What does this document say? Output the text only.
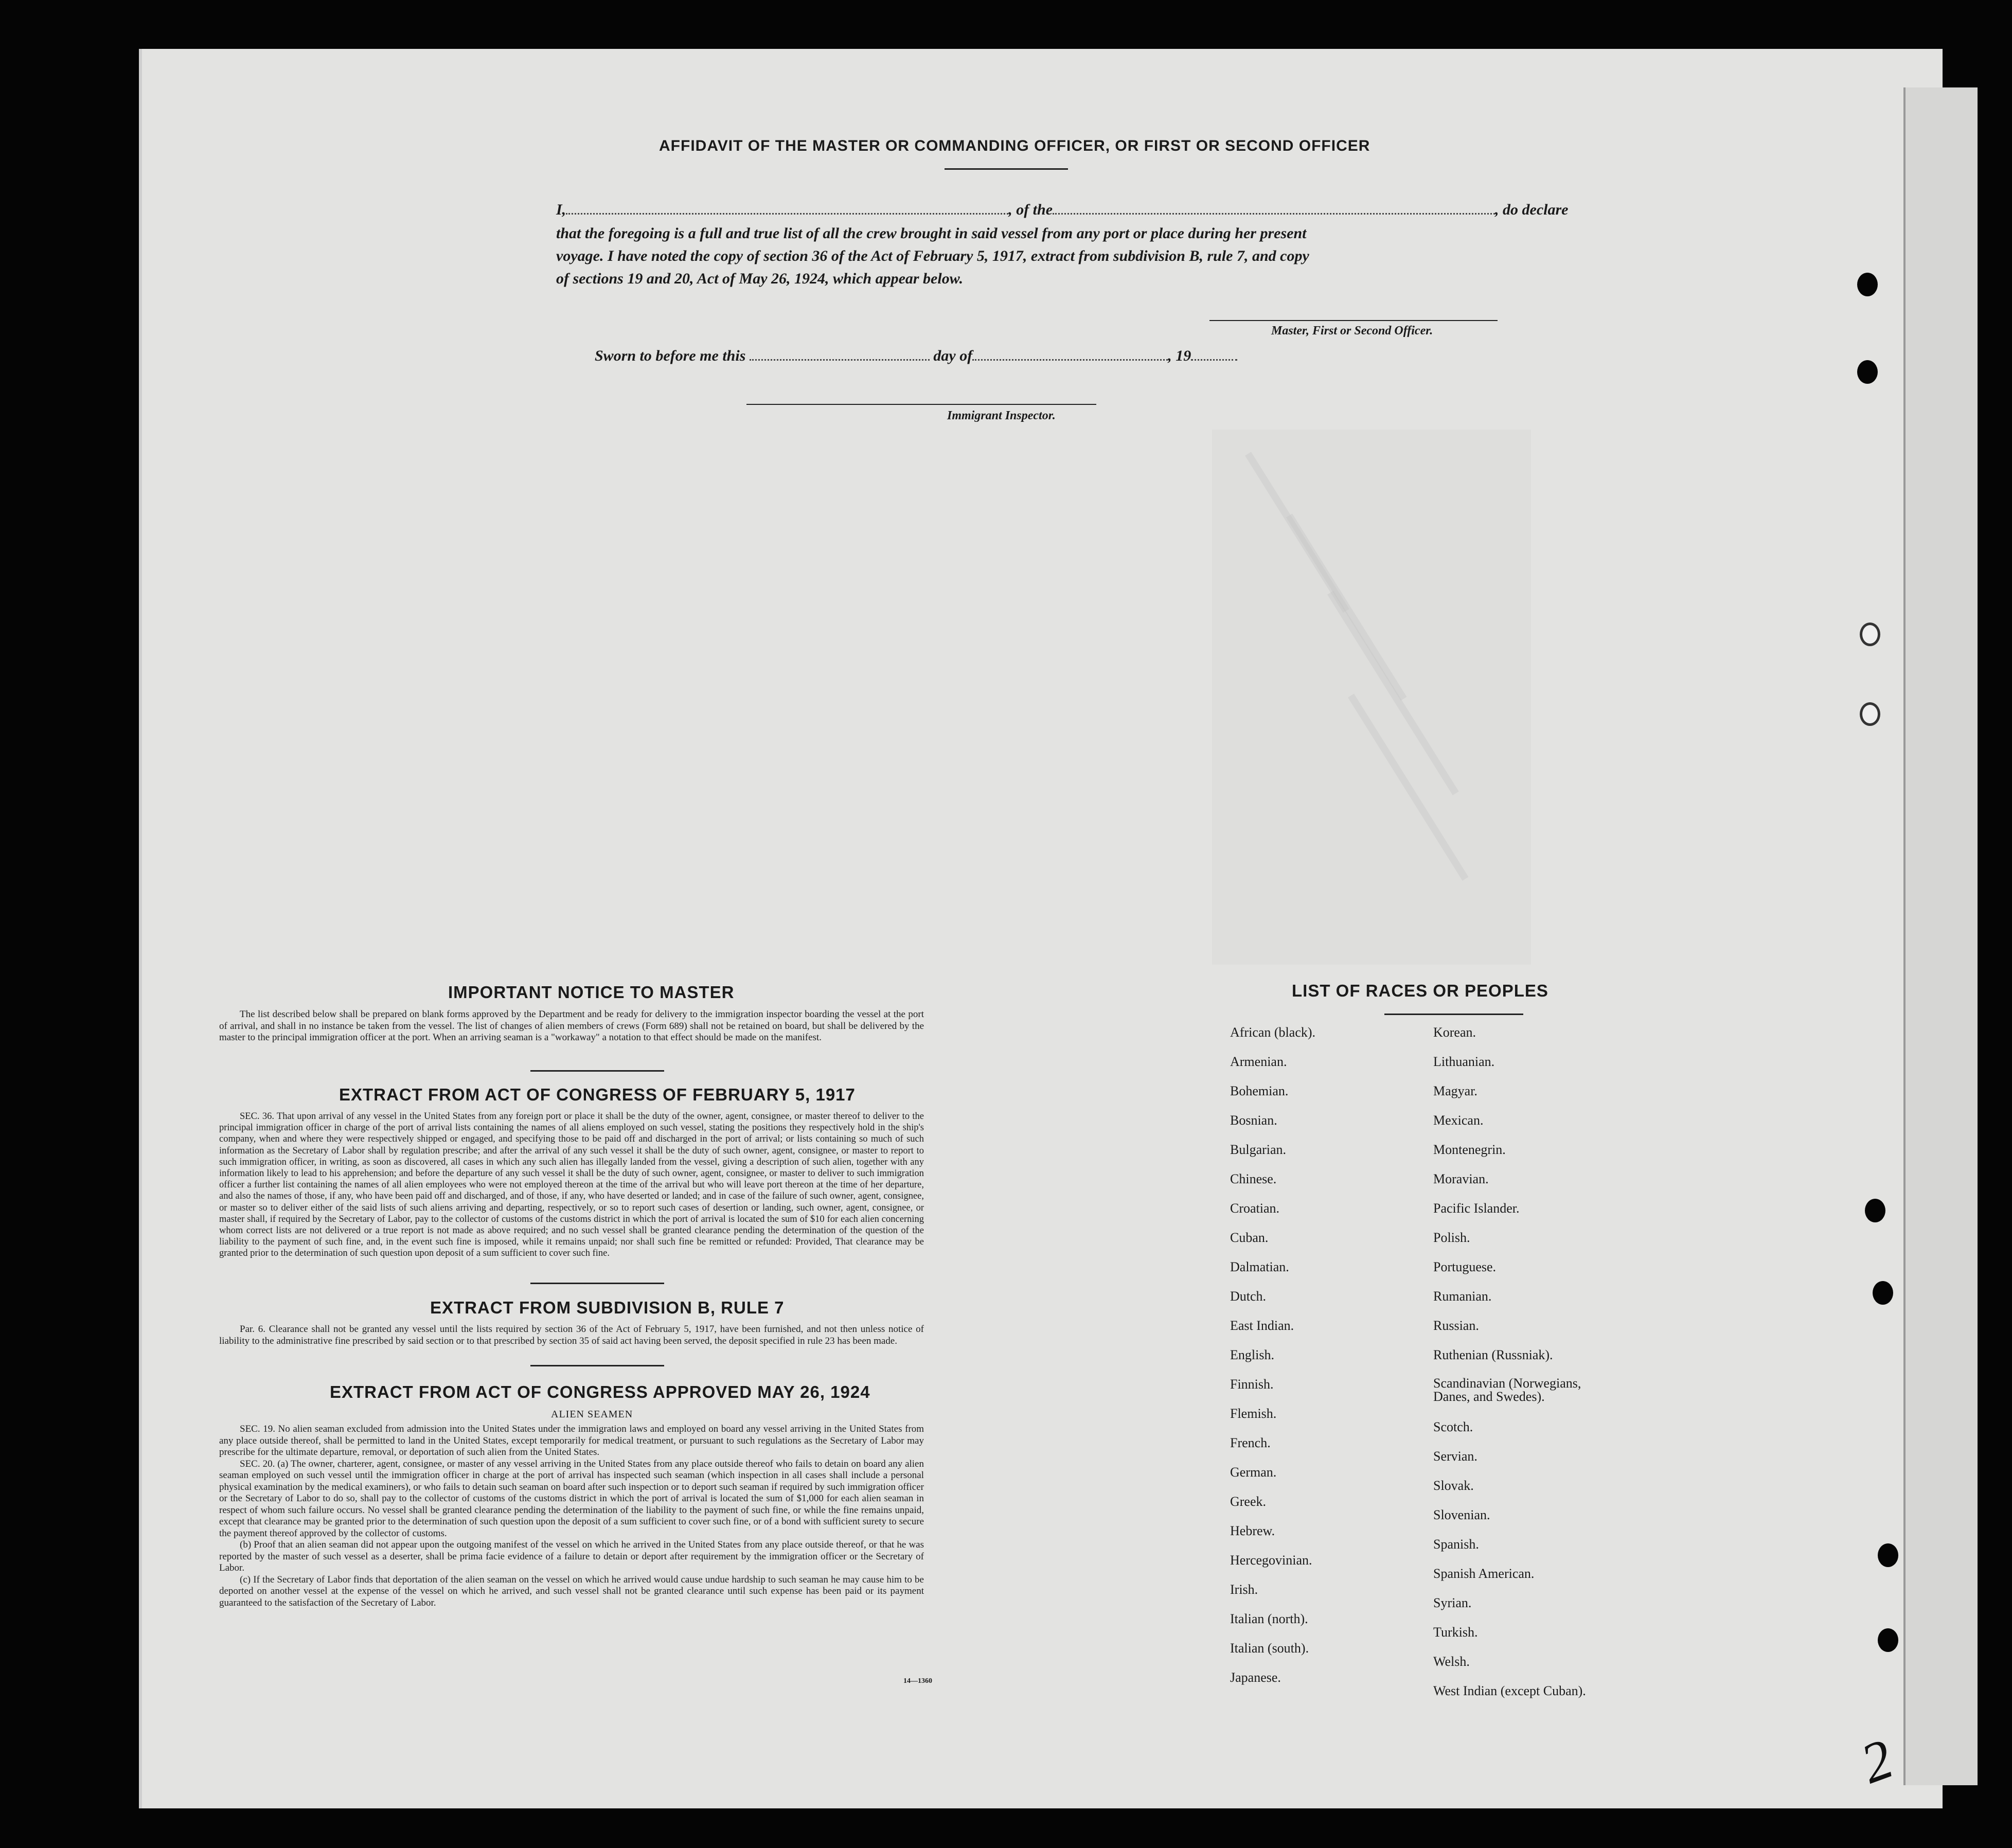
AFFIDAVIT OF THE MASTER OR COMMANDING OFFICER, OR FIRST OR SECOND OFFICER
I,	, of the	, do declare
that the foregoing is a full and true list of all the crew brought in said vessel from any port or place during her present
voyage. I have noted the copy of section 36 of the Act of February 5, 1917, extract from subdivision B, rule 7, and copy
of sections 19 and 20, Act of May 26, 1924, which appear below.
Master, First or Second Officer.
Sworn to before me this	day of	, 19
Immigrant Inspector.
IMPORTANT NOTICE TO MASTER

The list described below shall be prepared on blank forms approved by the Department and be ready for delivery to the immigration inspector boarding the vessel at the port of arrival, and shall in no instance be taken from the vessel. The list of changes of alien members of crews (Form 689) shall not be retained on board, but shall be delivered by the master to the principal immigration officer at the port. When an arriving seaman is a "workaway" a notation to that effect should be made on the manifest.

EXTRACT FROM ACT OF CONGRESS OF FEBRUARY 5, 1917

SEC. 36. That upon arrival of any vessel in the United States from any foreign port or place it shall be the duty of the owner, agent, consignee, or master thereof to deliver to the principal immigration officer in charge of the port of arrival lists containing the names of all aliens employed on such vessel, stating the positions they respectively hold in the ship's company, when and where they were respectively shipped or engaged, and specifying those to be paid off and discharged in the port of arrival; or lists containing so much of such information as the Secretary of Labor shall by regulation prescribe; and after the arrival of any such vessel it shall be the duty of such owner, agent, consignee, or master to report to such immigration officer, in writing, as soon as discovered, all cases in which any such alien has illegally landed from the vessel, giving a description of such alien, together with any information likely to lead to his apprehension; and before the departure of any such vessel it shall be the duty of such owner, agent, consignee, or master to deliver to such immigration officer a further list containing the names of all alien employees who were not employed thereon at the time of the arrival but who will leave port thereon at the time of her departure, and also the names of those, if any, who have been paid off and discharged, and of those, if any, who have deserted or landed; and in case of the failure of such owner, agent, consignee, or master so to deliver either of the said lists of such aliens arriving and departing, respectively, or so to report such cases of desertion or landing, such owner, agent, consignee, or master shall, if required by the Secretary of Labor, pay to the collector of customs of the customs district in which the port of arrival is located the sum of $10 for each alien concerning whom correct lists are not delivered or a true report is not made as above required; and no such vessel shall be granted clearance pending the determination of the question of the liability to the payment of such fine, and, in the event such fine is imposed, while it remains unpaid; nor shall such fine be remitted or refunded: Provided, That clearance may be granted prior to the determination of such question upon deposit of a sum sufficient to cover such fine.

EXTRACT FROM SUBDIVISION B, RULE 7

Par. 6. Clearance shall not be granted any vessel until the lists required by section 36 of the Act of February 5, 1917, have been furnished, and not then unless notice of liability to the administrative fine prescribed by said section or to that prescribed by section 35 of said act having been served, the deposit specified in rule 23 has been made.

EXTRACT FROM ACT OF CONGRESS APPROVED MAY 26, 1924
ALIEN SEAMEN

SEC. 19. No alien seaman excluded from admission into the United States under the immigration laws and employed on board any vessel arriving in the United States from any place outside thereof, shall be permitted to land in the United States, except temporarily for medical treatment, or pursuant to such regulations as the Secretary of Labor may prescribe for the ultimate departure, removal, or deportation of such alien from the United States.

SEC. 20. (a) The owner, charterer, agent, consignee, or master of any vessel arriving in the United States from any place outside thereof who fails to detain on board any alien seaman employed on such vessel until the immigration officer in charge at the port of arrival has inspected such seaman (which inspection in all cases shall include a personal physical examination by the medical examiners), or who fails to detain such seaman on board after such inspection or to deport such seaman if required by such immigration officer or the Secretary of Labor to do so, shall pay to the collector of customs of the customs district in which the port of arrival is located the sum of $1,000 for each alien seaman in respect of whom such failure occurs. No vessel shall be granted clearance pending the determination of the liability to the payment of such fine, or while the fine remains unpaid, except that clearance may be granted prior to the determination of such question upon the deposit of a sum sufficient to cover such fine, or of a bond with sufficient surety to secure the payment thereof approved by the collector of customs.

(b) Proof that an alien seaman did not appear upon the outgoing manifest of the vessel on which he arrived in the United States from any place outside thereof, or that he was reported by the master of such vessel as a deserter, shall be prima facie evidence of a failure to detain or deport after requirement by the immigration officer or the Secretary of Labor.

(c) If the Secretary of Labor finds that deportation of the alien seaman on the vessel on which he arrived would cause undue hardship to such seaman he may cause him to be deported on another vessel at the expense of the vessel on which he arrived, and such vessel shall not be granted clearance until such expense has been paid or its payment guaranteed to the satisfaction of the Secretary of Labor.

14—1360
LIST OF RACES OR PEOPLES
African (black).
Armenian.
Bohemian.
Bosnian.
Bulgarian.
Chinese.
Croatian.
Cuban.
Dalmatian.
Dutch.
East Indian.
English.
Finnish.
Flemish.
French.
German.
Greek.
Hebrew.
Hercegovinian.
Irish.
Italian (north).
Italian (south).
Japanese.
Korean.
Lithuanian.
Magyar.
Mexican.
Montenegrin.
Moravian.
Pacific Islander.
Polish.
Portuguese.
Rumanian.
Russian.
Ruthenian (Russniak).
Scandinavian (Norwegians, Danes, and Swedes).
Scotch.
Servian.
Slovak.
Slovenian.
Spanish.
Spanish American.
Syrian.
Turkish.
Welsh.
West Indian (except Cuban).
2
